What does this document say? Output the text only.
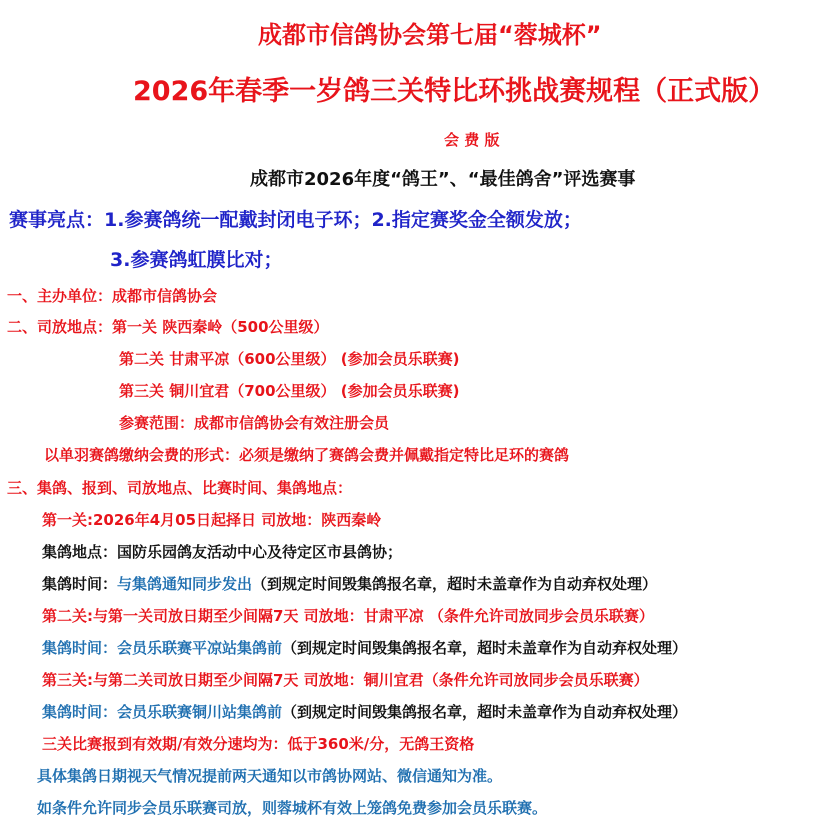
成都市信鸽协会第七届“蓉城杯”
2026年春季一岁鸽三关特比环挑战赛规程（正式版）
会 费 版
成都市2026年度“鸽王”、“最佳鸽舍”评选赛事
赛事亮点：1.参赛鸽统一配戴封闭电子环；2.指定赛奖金全额发放；
3.参赛鸽虹膜比对；
一、主办单位：成都市信鸽协会
二、司放地点：第一关 陕西秦岭（500公里级）
第二关 甘肃平凉（600公里级） (参加会员乐联赛)
第三关 铜川宜君（700公里级） (参加会员乐联赛)
参赛范围：成都市信鸽协会有效注册会员
以单羽赛鸽缴纳会费的形式：必须是缴纳了赛鸽会费并佩戴指定特比足环的赛鸽
三、集鸽、报到、司放地点、比赛时间、集鸽地点：
第一关:2026年4月05日起择日 司放地：陕西秦岭
集鸽地点：国防乐园鸽友活动中心及待定区市县鸽协；
集鸽时间：与集鸽通知同步发出（到规定时间毁集鸽报名章，超时未盖章作为自动弃权处理）
第二关:与第一关司放日期至少间隔7天 司放地：甘肃平凉 （条件允许司放同步会员乐联赛）
集鸽时间：会员乐联赛平凉站集鸽前（到规定时间毁集鸽报名章，超时未盖章作为自动弃权处理）
第三关:与第二关司放日期至少间隔7天 司放地：铜川宜君（条件允许司放同步会员乐联赛）
集鸽时间：会员乐联赛铜川站集鸽前（到规定时间毁集鸽报名章，超时未盖章作为自动弃权处理）
三关比赛报到有效期/有效分速均为：低于360米/分，无鸽王资格
具体集鸽日期视天气情况提前两天通知以市鸽协网站、微信通知为准。
如条件允许同步会员乐联赛司放，则蓉城杯有效上笼鸽免费参加会员乐联赛。
